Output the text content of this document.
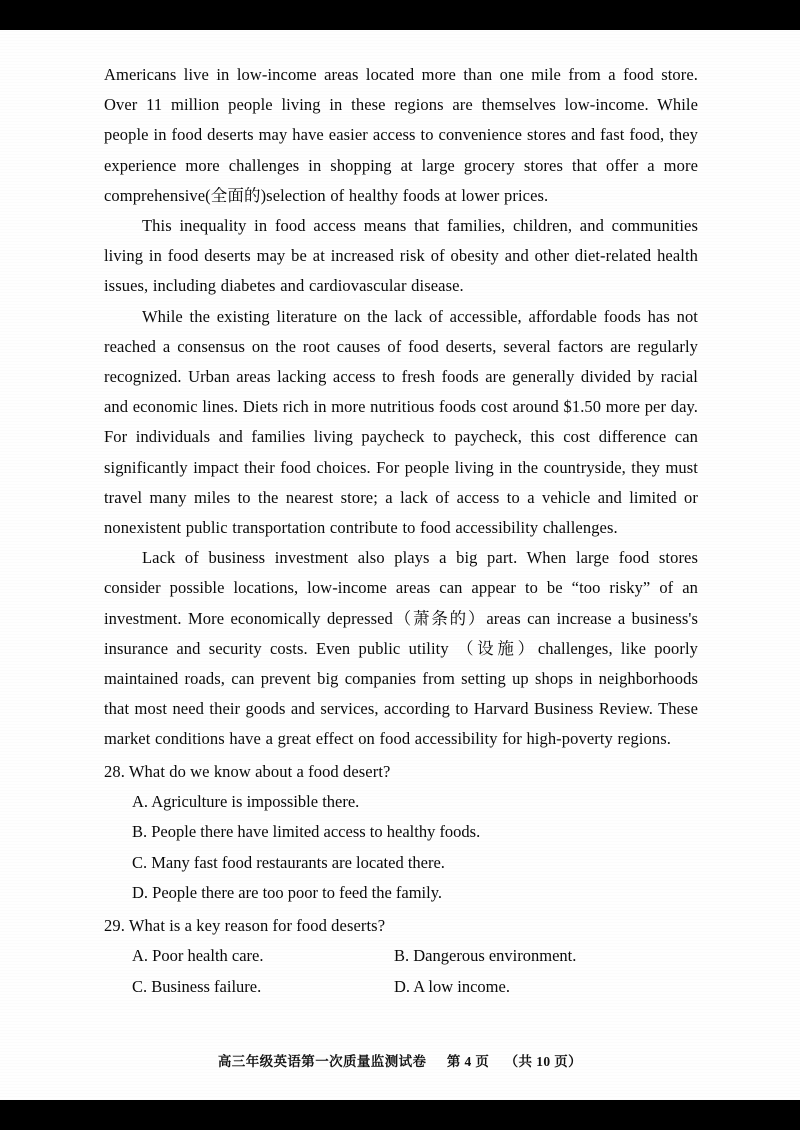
Americans live in low-income areas located more than one mile from a food store. Over 11 million people living in these regions are themselves low-income. While people in food deserts may have easier access to convenience stores and fast food, they experience more challenges in shopping at large grocery stores that offer a more comprehensive(全面的)selection of healthy foods at lower prices.

This inequality in food access means that families, children, and communities living in food deserts may be at increased risk of obesity and other diet-related health issues, including diabetes and cardiovascular disease.

While the existing literature on the lack of accessible, affordable foods has not reached a consensus on the root causes of food deserts, several factors are regularly recognized. Urban areas lacking access to fresh foods are generally divided by racial and economic lines. Diets rich in more nutritious foods cost around $1.50 more per day. For individuals and families living paycheck to paycheck, this cost difference can significantly impact their food choices. For people living in the countryside, they must travel many miles to the nearest store; a lack of access to a vehicle and limited or nonexistent public transportation contribute to food accessibility challenges.

Lack of business investment also plays a big part. When large food stores consider possible locations, low-income areas can appear to be “too risky” of an investment. More economically depressed（萧条的）areas can increase a business's insurance and security costs. Even public utility （设施）challenges, like poorly maintained roads, can prevent big companies from setting up shops in neighborhoods that most need their goods and services, according to Harvard Business Review. These market conditions have a great effect on food accessibility for high-poverty regions.

28. What do we know about a food desert?
A. Agriculture is impossible there.
B. People there have limited access to healthy foods.
C. Many fast food restaurants are located there.
D. People there are too poor to feed the family.
29. What is a key reason for food deserts?
A. Poor health care.	B. Dangerous environment. C. Business failure.	D. A low income.
高三年级英语第一次质量监测试卷 第 4 页 （共 10 页）
